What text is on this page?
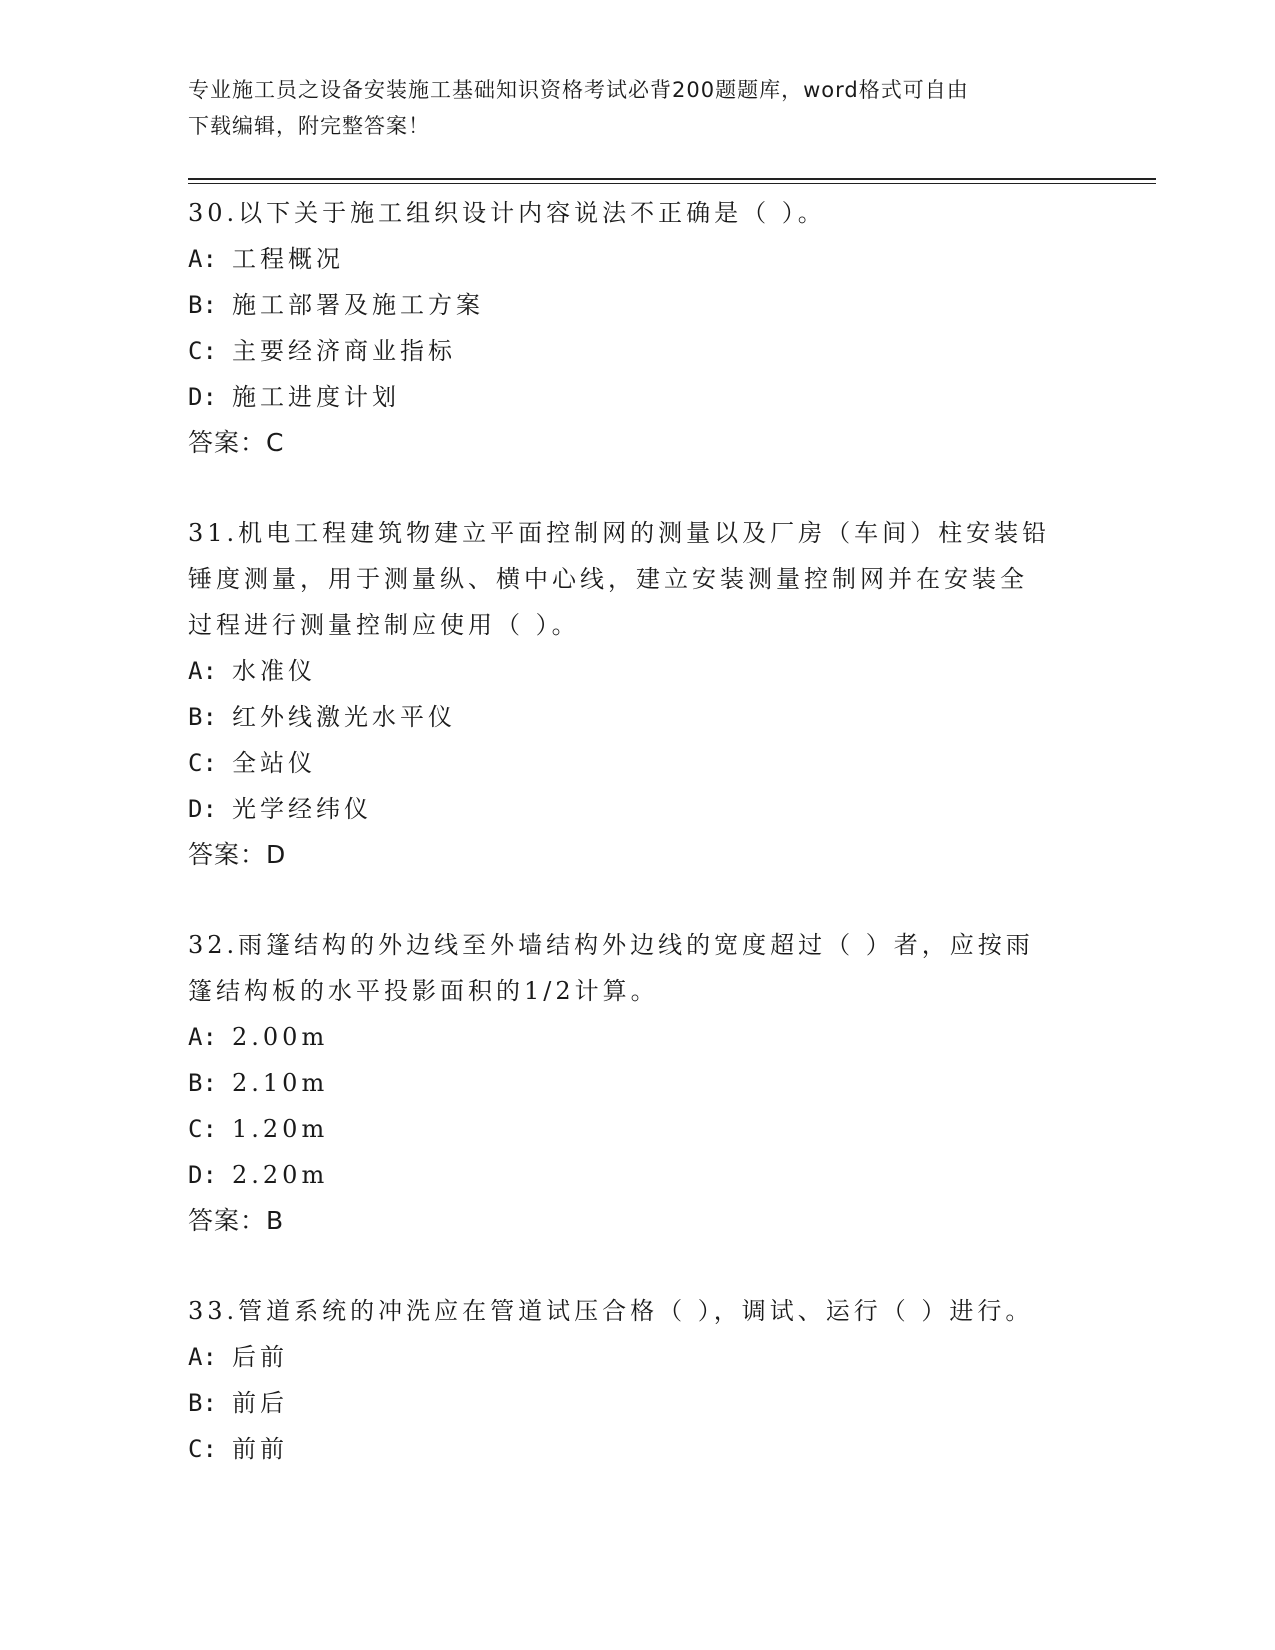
专业施工员之设备安装施工基础知识资格考试必背200题题库，word格式可自由
下载编辑，附完整答案！
30.以下关于施工组织设计内容说法不正确是（ ）。
A: 工程概况
B: 施工部署及施工方案
C: 主要经济商业指标
D: 施工进度计划
答案：C
31.机电工程建筑物建立平面控制网的测量以及厂房（车间）柱安装铅
锤度测量，用于测量纵、横中心线，建立安装测量控制网并在安装全
过程进行测量控制应使用（ ）。
A: 水准仪
B: 红外线激光水平仪
C: 全站仪
D: 光学经纬仪
答案：D
32.雨篷结构的外边线至外墙结构外边线的宽度超过（ ）者，应按雨
篷结构板的水平投影面积的1/2计算。
A: 2.00m
B: 2.10m
C: 1.20m
D: 2.20m
答案：B
33.管道系统的冲洗应在管道试压合格（ ），调试、运行（ ）进行。
A: 后前
B: 前后
C: 前前
